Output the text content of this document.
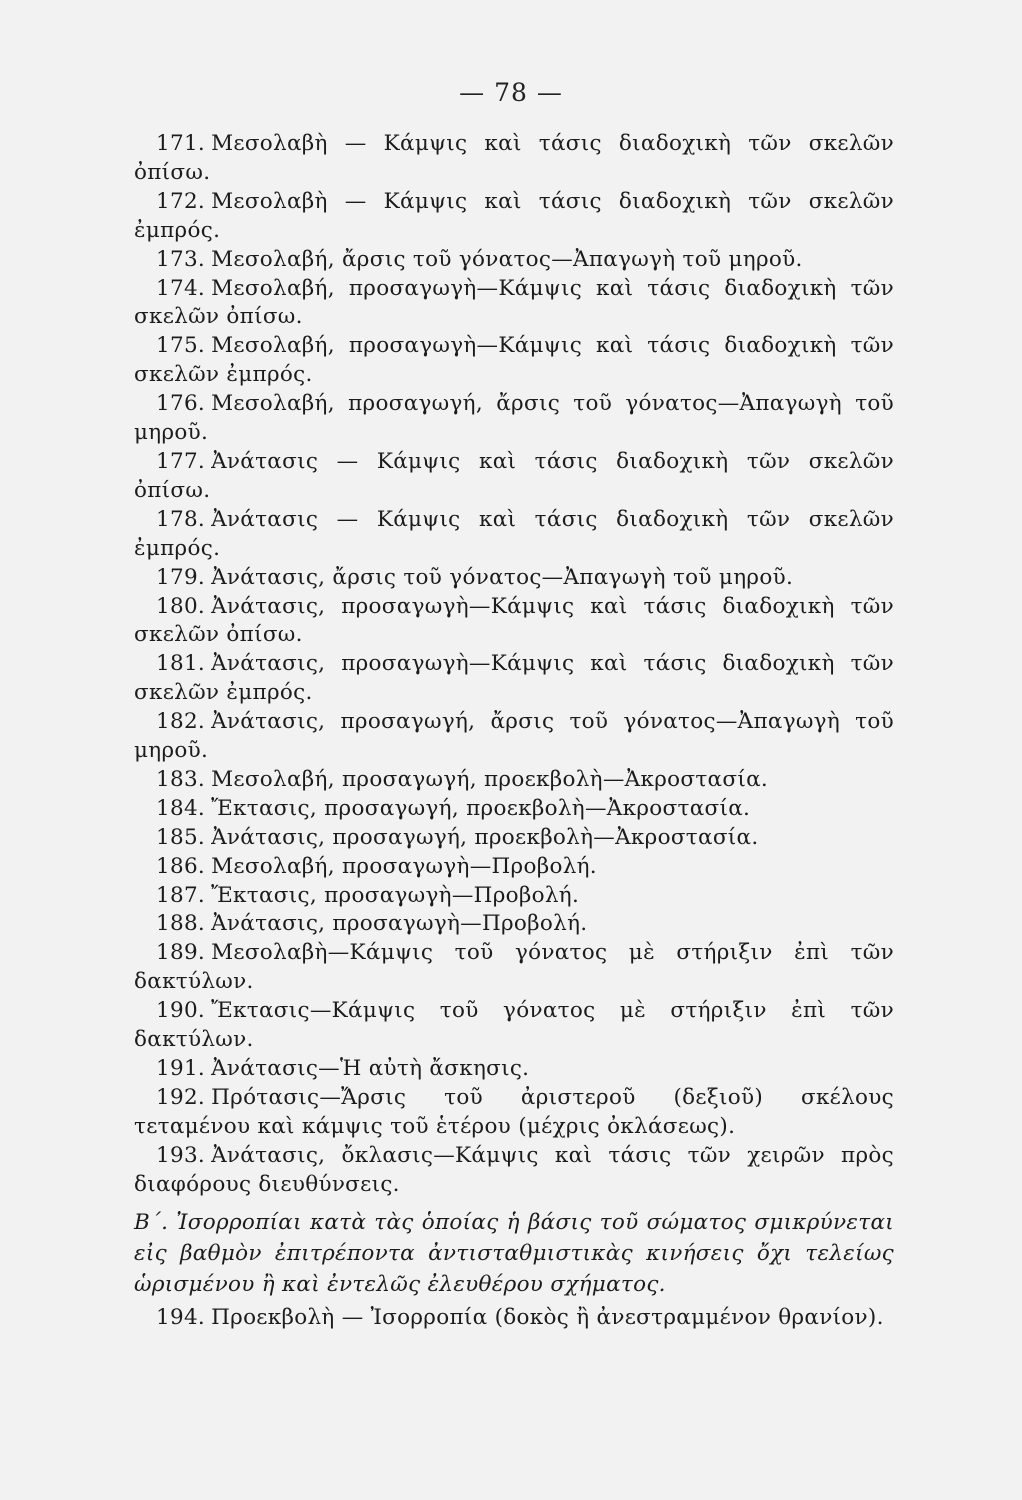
— 78 —

171. Μεσολαβὴ — Κάμψις καὶ τάσις διαδοχικὴ τῶν σκελῶν ὀπίσω.

172. Μεσολαβὴ — Κάμψις καὶ τάσις διαδοχικὴ τῶν σκελῶν ἐμπρός.

173. Μεσολαβή, ἄρσις τοῦ γόνατος—Ἀπαγωγὴ τοῦ μηροῦ.

174. Μεσολαβή, προσαγωγὴ—Κάμψις καὶ τάσις διαδοχικὴ τῶν σκελῶν ὀπίσω.

175. Μεσολαβή, προσαγωγὴ—Κάμψις καὶ τάσις διαδοχικὴ τῶν σκελῶν ἐμπρός.

176. Μεσολαβή, προσαγωγή, ἄρσις τοῦ γόνατος—Ἀπαγωγὴ τοῦ μηροῦ.

177. Ἀνάτασις — Κάμψις καὶ τάσις διαδοχικὴ τῶν σκελῶν ὀπίσω.

178. Ἀνάτασις — Κάμψις καὶ τάσις διαδοχικὴ τῶν σκελῶν ἐμπρός.

179. Ἀνάτασις, ἄρσις τοῦ γόνατος—Ἀπαγωγὴ τοῦ μηροῦ.

180. Ἀνάτασις, προσαγωγὴ—Κάμψις καὶ τάσις διαδοχικὴ τῶν σκελῶν ὀπίσω.

181. Ἀνάτασις, προσαγωγὴ—Κάμψις καὶ τάσις διαδοχικὴ τῶν σκελῶν ἐμπρός.

182. Ἀνάτασις, προσαγωγή, ἄρσις τοῦ γόνατος—Ἀπαγωγὴ τοῦ μηροῦ.

183. Μεσολαβή, προσαγωγή, προεκβολὴ—Ἀκροστασία.

184. Ἔκτασις, προσαγωγή, προεκβολὴ—Ἀκροστασία.

185. Ἀνάτασις, προσαγωγή, προεκβολὴ—Ἀκροστασία.

186. Μεσολαβή, προσαγωγὴ—Προβολή.

187. Ἔκτασις, προσαγωγὴ—Προβολή.

188. Ἀνάτασις, προσαγωγὴ—Προβολή.

189. Μεσολαβὴ—Κάμψις τοῦ γόνατος μὲ στήριξιν ἐπὶ τῶν δακτύλων.

190. Ἔκτασις—Κάμψις τοῦ γόνατος μὲ στήριξιν ἐπὶ τῶν δακτύλων.

191. Ἀνάτασις—Ἡ αὐτὴ ἄσκησις.

192. Πρότασις—Ἄρσις τοῦ ἀριστεροῦ (δεξιοῦ) σκέλους τεταμένου καὶ κάμψις τοῦ ἑτέρου (μέχρις ὀκλάσεως).

193. Ἀνάτασις, ὄκλασις—Κάμψις καὶ τάσις τῶν χειρῶν πρὸς διαφόρους διευθύνσεις.

Β΄. Ἰσορροπίαι κατὰ τὰς ὁποίας ἡ βάσις τοῦ σώματος σμικρύνεται εἰς βαθμὸν ἐπιτρέποντα ἀντισταθμιστικὰς κινήσεις ὄχι τελείως ὡρισμένου ἢ καὶ ἐντελῶς ἐλευθέρου σχήματος.

194. Προεκβολὴ — Ἰσορροπία (δοκὸς ἢ ἀνεστραμμένον θρανίον).
